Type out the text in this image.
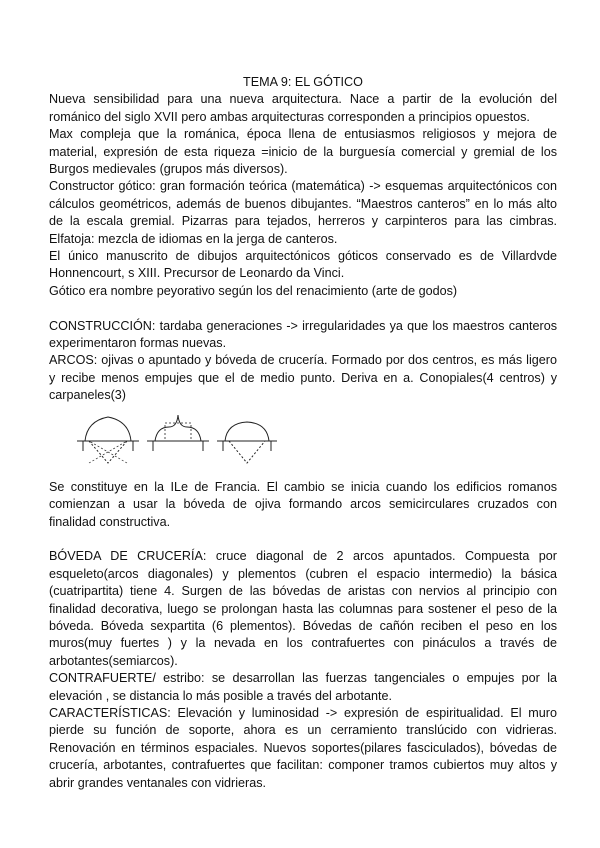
TEMA 9: EL GÓTICO

Nueva sensibilidad para una nueva arquitectura. Nace a partir de la evolución del románico del siglo XVII pero ambas arquitecturas corresponden a principios opuestos.

Max compleja que la románica, época llena de entusiasmos religiosos y mejora de material, expresión de esta riqueza =inicio de la burguesía comercial y gremial de los Burgos medievales (grupos más diversos).

Constructor gótico: gran formación teórica (matemática) -> esquemas arquitectónicos con cálculos geométricos, además de buenos dibujantes. “Maestros canteros” en lo más alto de la escala gremial. Pizarras para tejados, herreros y carpinteros para las cimbras. Elfatoja: mezcla de idiomas en la jerga de canteros.

El único manuscrito de dibujos arquitectónicos góticos conservado es de Villardvde Honnencourt, s XIII. Precursor de Leonardo da Vinci.

Gótico era nombre peyorativo según los del renacimiento (arte de godos)

CONSTRUCCIÓN: tardaba generaciones -> irregularidades ya que los maestros canteros experimentaron formas nuevas.

ARCOS: ojivas o apuntado y bóveda de crucería. Formado por dos centros, es más ligero y recibe menos empujes que el de medio punto. Deriva en a. Conopiales(4 centros) y carpaneles(3)

Se constituye en la ILe de Francia. El cambio se inicia cuando los edificios romanos comienzan a usar la bóveda de ojiva formando arcos semicirculares cruzados con finalidad constructiva.

BÓVEDA DE CRUCERÍA: cruce diagonal de 2 arcos apuntados. Compuesta por esqueleto(arcos diagonales) y plementos (cubren el espacio intermedio) la básica (cuatripartita) tiene 4. Surgen de las bóvedas de aristas con nervios al principio con finalidad decorativa, luego se prolongan hasta las columnas para sostener el peso de la bóveda. Bóveda sexpartita (6 plementos). Bóvedas de cañón reciben el peso en los muros(muy fuertes ) y la nevada en los contrafuertes con pináculos a través de arbotantes(semiarcos).

CONTRAFUERTE/ estribo: se desarrollan las fuerzas tangenciales o empujes por la elevación , se distancia lo más posible a través del arbotante.

CARACTERÍSTICAS: Elevación y luminosidad -> expresión de espiritualidad. El muro pierde su función de soporte, ahora es un cerramiento translúcido con vidrieras. Renovación en términos espaciales. Nuevos soportes(pilares fasciculados), bóvedas de crucería, arbotantes, contrafuertes que facilitan: componer tramos cubiertos muy altos y abrir grandes ventanales con vidrieras.
